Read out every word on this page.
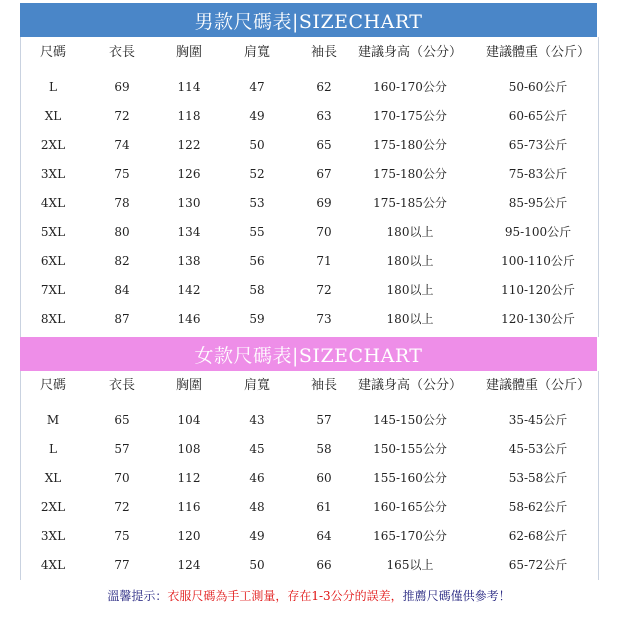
男款尺碼表|SIZECHART
尺碼	衣長	胸圍	肩寬	袖長 建議身高（公分） 建議體重（公斤）
L	69	114	47	62	160-170公分	50-60公斤
XL	72	118	49	63	170-175公分	60-65公斤
2XL	74	122	50	65	175-180公分	65-73公斤
3XL	75	126	52	67	175-180公分	75-83公斤
4XL	78	130	53	69	175-185公分	85-95公斤
5XL	80	134	55	70	180以上	95-100公斤
6XL	82	138	56	71	180以上	100-110公斤
7XL	84	142	58	72	180以上	110-120公斤
8XL	87	146	59	73	180以上	120-130公斤
女款尺碼表|SIZECHART
尺碼	衣長	胸圍	肩寬	袖長 建議身高（公分） 建議體重（公斤）
M	65	104	43	57	145-150公分	35-45公斤
L	57	108	45	58	150-155公分	45-53公斤
XL	70	112	46	60	155-160公分	53-58公斤
2XL	72	116	48	61	160-165公分	58-62公斤
3XL	75	120	49	64	165-170公分	62-68公斤
4XL	77	124	50	66	165以上	65-72公斤
溫馨提示：衣服尺碼為手工測量，存在1-3公分的誤差，推薦尺碼僅供參考！
